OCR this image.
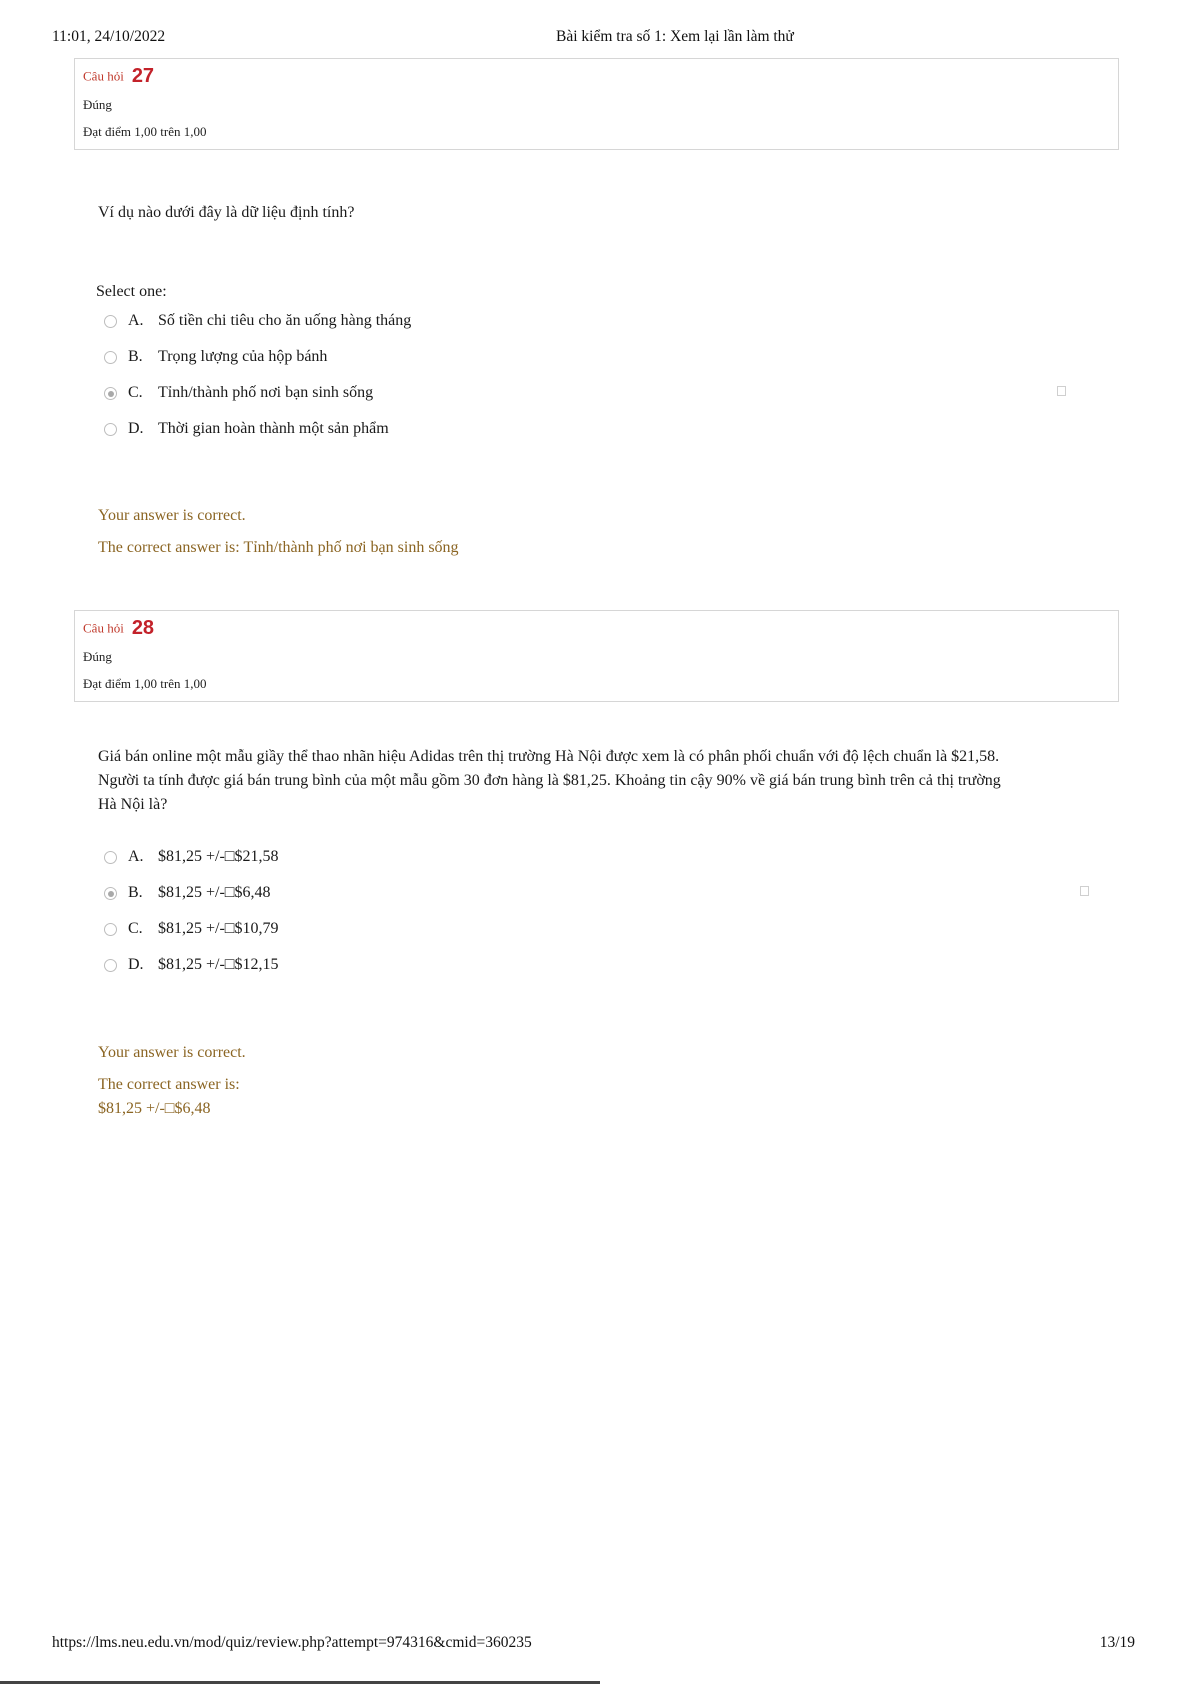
11:01, 24/10/2022	Bài kiểm tra số 1: Xem lại lần làm thử
Câu hỏi 27
Đúng
Đạt điểm 1,00 trên 1,00

Ví dụ nào dưới đây là dữ liệu định tính?

Select one:
A. Số tiền chi tiêu cho ăn uống hàng tháng
B. Trọng lượng của hộp bánh
C. Tỉnh/thành phố nơi bạn sinh sống
D. Thời gian hoàn thành một sản phẩm
Your answer is correct.
The correct answer is: Tỉnh/thành phố nơi bạn sinh sống
Câu hỏi 28
Đúng
Đạt điểm 1,00 trên 1,00
Giá bán online một mẫu giầy thể thao nhãn hiệu Adidas trên thị trường Hà Nội được xem là có phân phối chuẩn với độ lệch chuẩn là $21,58.
Người ta tính được giá bán trung bình của một mẫu gồm 30 đơn hàng là $81,25. Khoảng tin cậy 90% về giá bán trung bình trên cả thị trường
Hà Nội là?
A. $81,25 +/-□$21,58
B. $81,25 +/-□$6,48
C. $81,25 +/-□$10,79
D. $81,25 +/-□$12,15
Your answer is correct.
The correct answer is:
$81,25 +/-□$6,48
https://lms.neu.edu.vn/mod/quiz/review.php?attempt=974316&cmid=360235	13/19
